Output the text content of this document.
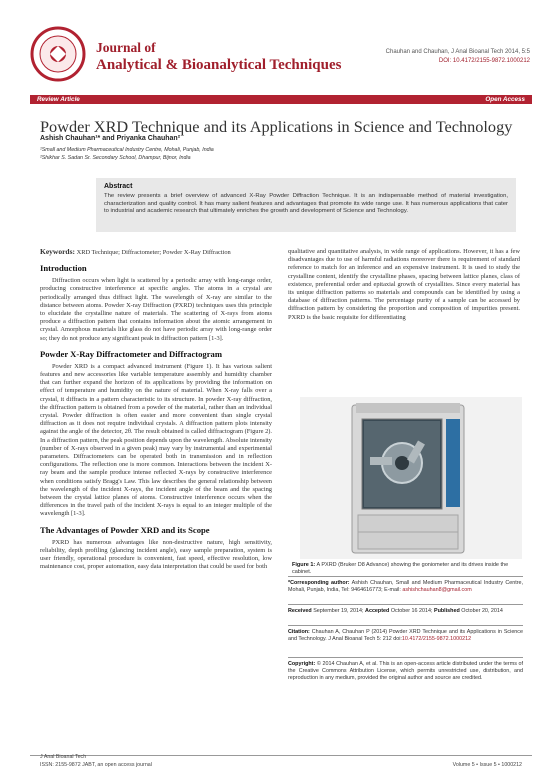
Journal of
Analytical & Bioanalytical Techniques
Chauhan and Chauhan, J Anal Bioanal Tech 2014, 5:5
DOI: 10.4172/2155-9872.1000212
Review Article	Open Access
Powder XRD Technique and its Applications in Science and Technology
Ashish Chauhan¹* and Priyanka Chauhan²
¹Small and Medium Pharmaceutical Industry Centre, Mohali, Punjab, India
²Shikhar S. Sadan Sr. Secondary School, Dhampur, Bijnor, India
Abstract
The review presents a brief overview of advanced X-Ray Powder Diffraction Technique. It is an indispensable method of material investigation, characterization and quality control. It has many salient features and advantages that promote its wide range use. It has numerous applications that cater to industrial and academic research that ultimately enriches the growth and development of Science and Technology.
Keywords: XRD Technique; Diffractometer; Powder X-Ray Diffraction
Introduction

Diffraction occurs when light is scattered by a periodic array with long-range order, producing constructive interference at specific angles. The atoms in a crystal are periodically arranged thus diffract light. The wavelength of X-ray are similar to the distance between atoms. Powder X-ray Diffraction (PXRD) techniques uses this principle to elucidate the crystalline nature of materials. The scattering of X-rays from atoms produce a diffraction pattern that contains information about the atomic arrangement in crystal. Amorphous materials like glass do not have periodic array with long-range order so; they do not produce any significant peak in diffraction pattern [1-3].

Powder X-Ray Diffractometer and Diffractogram

Powder XRD is a compact advanced instrument (Figure 1). It has various salient features and new accessories like variable temperature assembly and humidity chamber that can further expand the horizon of its applications by providing the information on effect of temperature and humidity on the nature of material. When X-ray falls over a crystal, it diffracts in a pattern characteristic to its structure. In powder X-ray diffraction, the diffraction pattern is obtained from a powder of the material, rather than an individual crystal. Powder diffraction is often easier and more convenient than single crystal diffraction as it does not require individual crystals. A diffraction pattern plots intensity against the angle of the detector, 2θ. The result obtained is called diffractogram (Figure 2). In a diffraction pattern, the peak position depends upon the wavelength. Absolute intensity (number of X-rays observed in a given peak) may vary by instrumental and experimental parameters. Diffractometers can be operated both in transmission and in reflection configurations. The reflection one is more common. Interactions between the incident X-ray beam and the sample produce intense reflected X-rays by constructive interference when conditions satisfy Bragg's Law. This law describes the general relationship between the wavelength of the incident X-rays, the incident angle of the beam and the spacing between the crystal lattice planes of atoms. Constructive interference occurs when the differences in the travel path of the incident X-rays is equal to an integer multiple of the wavelength [1-3].

The Advantages of Powder XRD and its Scope

PXRD has numerous advantages like non-destructive nature, high sensitivity, reliability, depth profiling (glancing incident angle), easy sample preparation, system is user friendly, operational procedure is convenient, fast speed, effective resolution, low maintenance cost, proper automation, easy data interpretation that could be used for both

qualitative and quantitative analysis, in wide range of applications. However, it has a few disadvantages due to use of harmful radiations moreover there is requirement of standard reference to match for an inference and an expensive instrument. It is used to study the crystalline content, identify the crystalline phases, spacing between lattice planes, class of existence, preferential order and epitaxial growth of crystallites. Since every material has its unique diffraction patterns so materials and compounds can be identified by using a database of diffraction patterns. The percentage purity of a sample can be accessed by diffraction pattern by considering the proportion and composition of impurities present. PXRD is the basic requisite for differentiating

Figure 1: A PXRD (Bruker D8 Advance) showing the goniometer and its drives inside the cabinet.
*Corresponding author: Ashish Chauhan, Small and Medium Pharmaceutical Industry Centre, Mohali, Punjab, India, Tel: 9464616773; E-mail: ashishchauhan8@gmail.com
Received September 19, 2014; Accepted October 16 2014; Published October 20, 2014
Citation: Chauhan A, Chauhan P (2014) Powder XRD Technique and its Applications in Science and Technology. J Anal Bioanal Tech 5: 212 doi:10.4172/2155-9872.1000212
Copyright: © 2014 Chauhan A, et al. This is an open-access article distributed under the terms of the Creative Commons Attribution License, which permits unrestricted use, distribution, and reproduction in any medium, provided the original author and source are credited.
J Anal Bioanal Tech
ISSN: 2155-9872 JABT, an open access journal	Volume 5 • Issue 5 • 1000212
